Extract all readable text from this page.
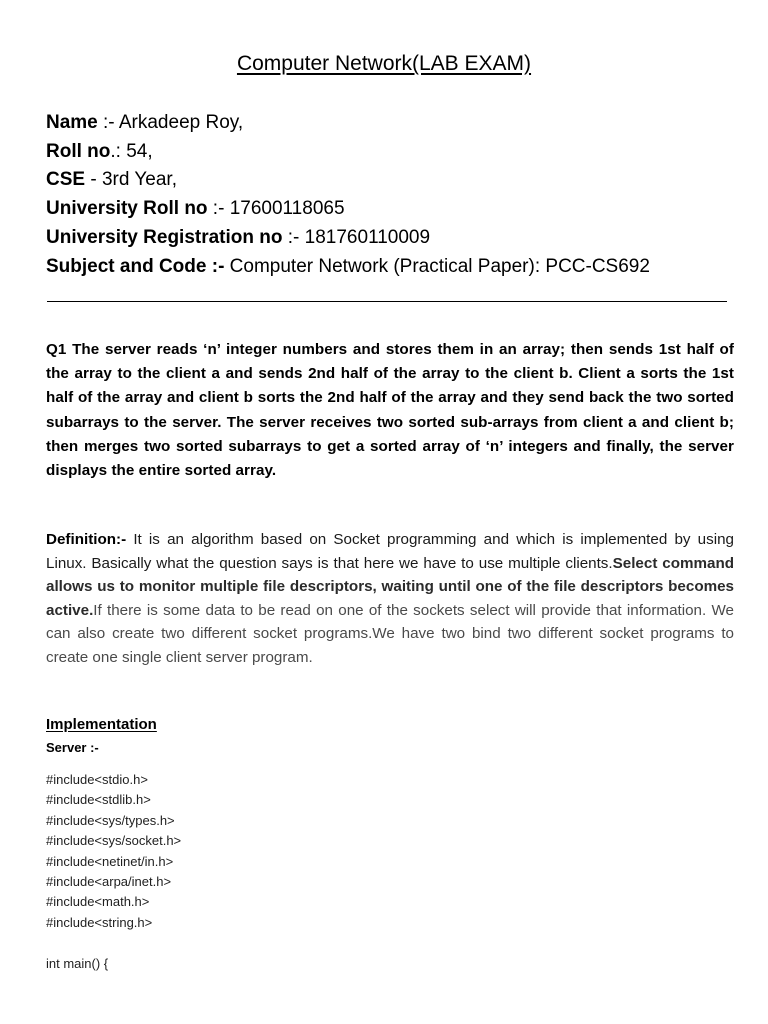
Computer Network(LAB EXAM)
Name :- Arkadeep Roy,
Roll no.: 54,
CSE - 3rd Year,
University Roll no :- 17600118065
University Registration no :- 181760110009
Subject and Code :- Computer Network (Practical Paper): PCC-CS692
Q1 The server reads ‘n’ integer numbers and stores them in an array; then sends 1st half of the array to the client a and sends 2nd half of the array to the client b. Client a sorts the 1st half of the array and client b sorts the 2nd half of the array and they send back the two sorted subarrays to the server. The server receives two sorted sub-arrays from client a and client b; then merges two sorted subarrays to get a sorted array of ‘n’ integers and finally, the server displays the entire sorted array.
Definition:- It is an algorithm based on Socket programming and which is implemented by using Linux. Basically what the question says is that here we have to use multiple clients.Select command allows us to monitor multiple file descriptors, waiting until one of the file descriptors becomes active.If there is some data to be read on one of the sockets select will provide that information. We can also create two different socket programs.We have two bind two different socket programs to create one single client server program.
Implementation
Server :-
#include<stdio.h>
#include<stdlib.h>
#include<sys/types.h>
#include<sys/socket.h>
#include<netinet/in.h>
#include<arpa/inet.h>
#include<math.h>
#include<string.h>
int main() {
